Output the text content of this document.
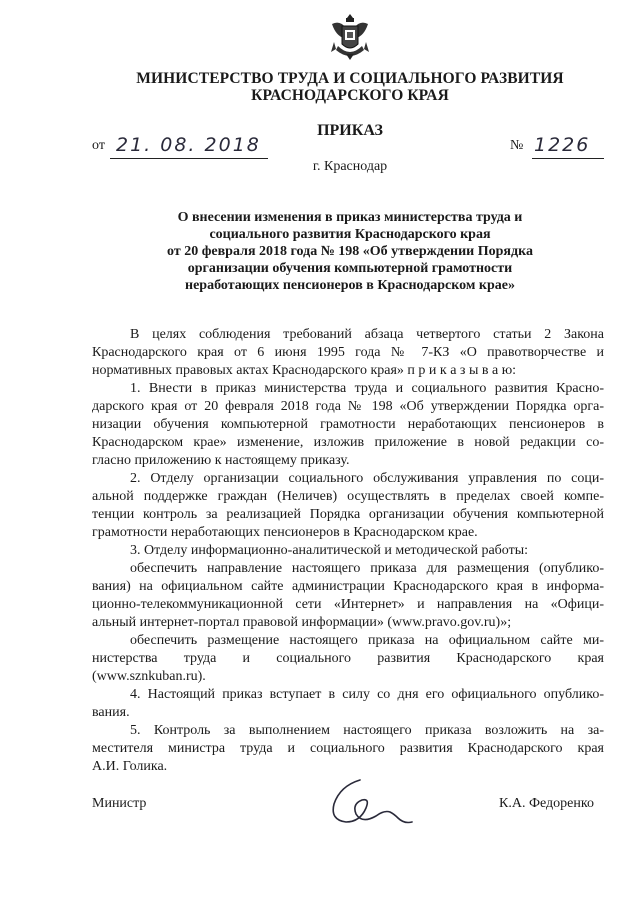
МИНИСТЕРСТВО ТРУДА И СОЦИАЛЬНОГО РАЗВИТИЯ
КРАСНОДАРСКОГО КРАЯ
ПРИКАЗ
от 21. 08. 2018	№ 1226
г. Краснодар
О внесении изменения в приказ министерства труда и
социального развития Краснодарского края
от 20 февраля 2018 года № 198 «Об утверждении Порядка
организации обучения компьютерной грамотности
неработающих пенсионеров в Краснодарском крае»
В целях соблюдения требований абзаца четвертого статьи 2 Закона
Краснодарского края от 6 июня 1995 года № 7-КЗ «О правотворчестве и
нормативных правовых актах Краснодарского края» п р и к а з ы в а ю:
1. Внести в приказ министерства труда и социального развития Красно-
дарского края от 20 февраля 2018 года № 198 «Об утверждении Порядка орга-
низации обучения компьютерной грамотности неработающих пенсионеров в
Краснодарском крае» изменение, изложив приложение в новой редакции со-
гласно приложению к настоящему приказу.
2. Отделу организации социального обслуживания управления по соци-
альной поддержке граждан (Неличев) осуществлять в пределах своей компе-
тенции контроль за реализацией Порядка организации обучения компьютерной
грамотности неработающих пенсионеров в Краснодарском крае.
3. Отделу информационно-аналитической и методической работы:
обеспечить направление настоящего приказа для размещения (опублико-
вания) на официальном сайте администрации Краснодарского края в информа-
ционно-телекоммуникационной сети «Интернет» и направления на «Офици-
альный интернет-портал правовой информации» (www.pravo.gov.ru)»;
обеспечить размещение настоящего приказа на официальном сайте ми-
нистерства труда и социального развития Краснодарского края
(www.sznkuban.ru).
4. Настоящий приказ вступает в силу со дня его официального опублико-
вания.
5. Контроль за выполнением настоящего приказа возложить на за-
местителя министра труда и социального развития Краснодарского края
А.И. Голика.
Министр	К.А. Федоренко
